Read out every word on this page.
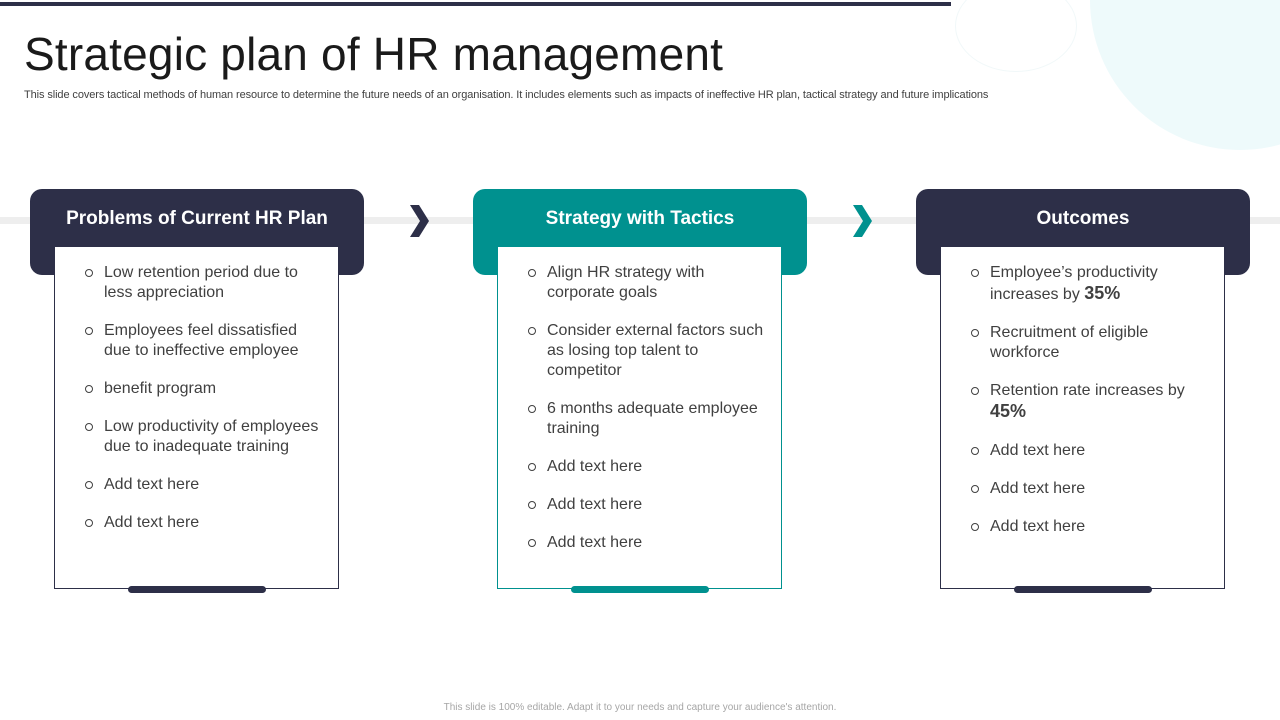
Strategic plan of HR management

This slide covers tactical methods of human resource to determine the future needs of an organisation. It includes elements such as impacts of ineffective HR plan, tactical strategy and future implications

Problems of Current HR Plan
Low retention period due to less appreciation
Employees feel dissatisfied due to ineffective employee
benefit program
Low productivity of employees due to inadequate training
Add text here
Add text here
Strategy with Tactics
Align HR strategy with corporate goals
Consider external factors such as losing top talent to competitor
6 months adequate employee training
Add text here
Add text here
Add text here
Outcomes
Employee’s productivity increases by 35%
Recruitment of eligible workforce
Retention rate increases by 45%
Add text here
Add text here
Add text here
This slide is 100% editable. Adapt it to your needs and capture your audience's attention.
